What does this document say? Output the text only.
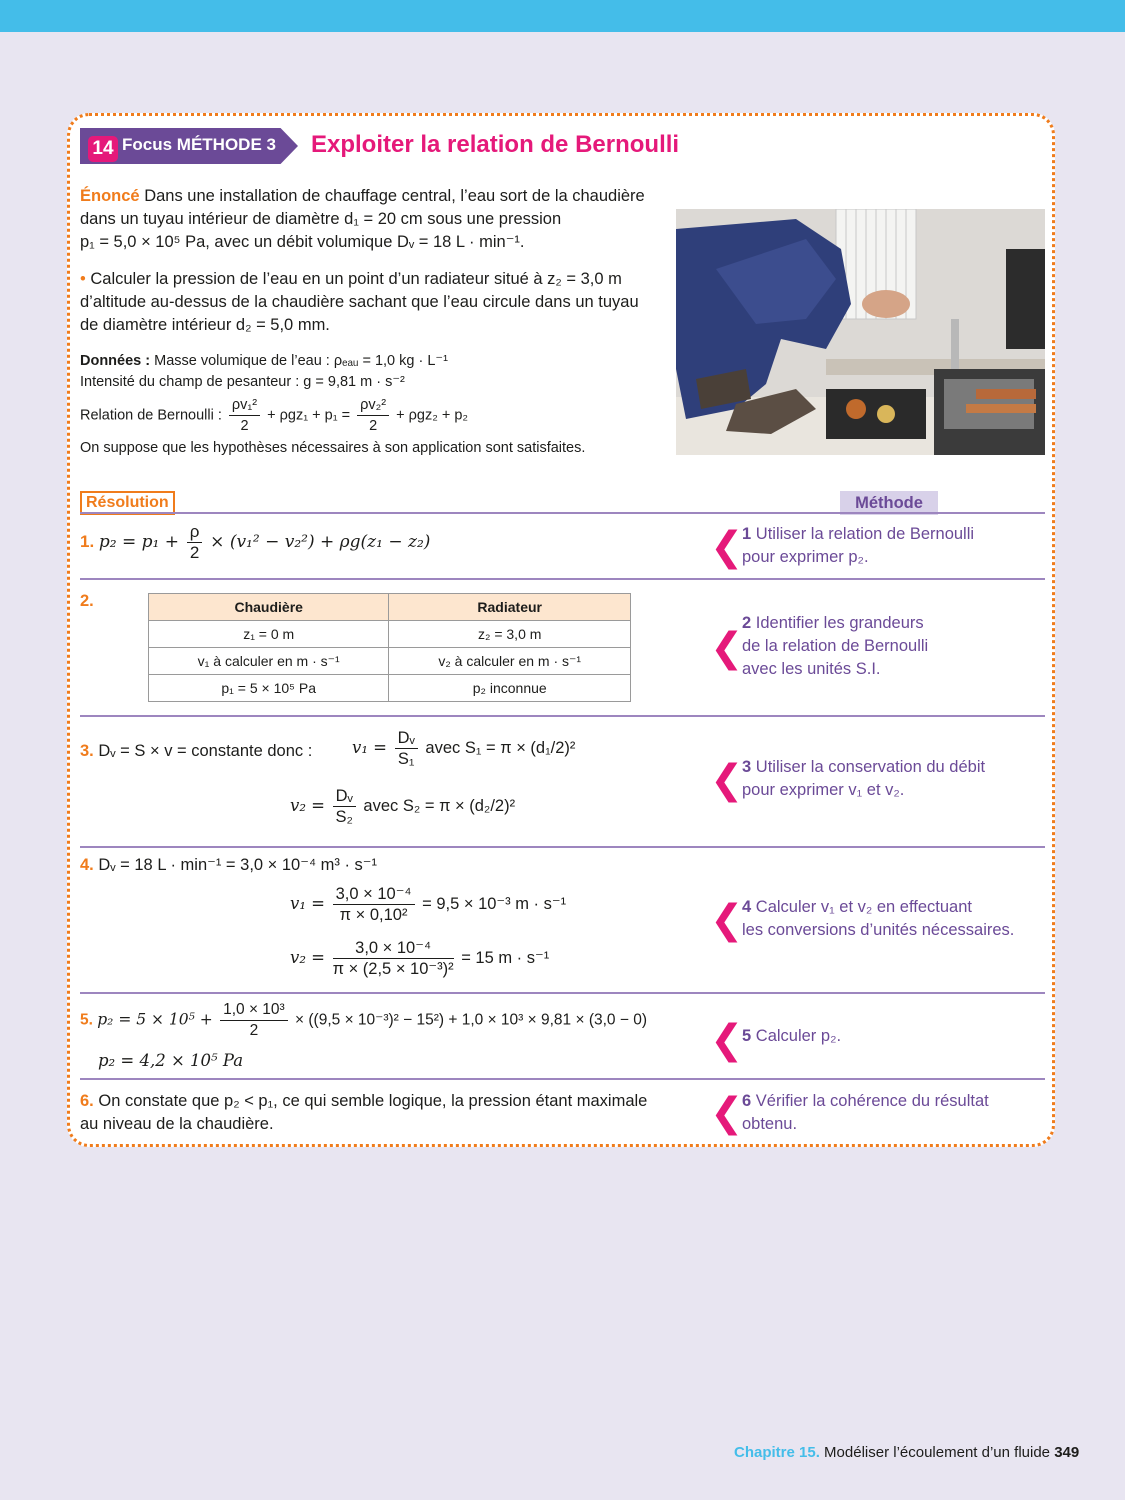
14 Focus MÉTHODE 3 Exploiter la relation de Bernoulli
Énoncé Dans une installation de chauffage central, l’eau sort de la chaudière
dans un tuyau intérieur de diamètre d₁ = 20 cm sous une pression
p₁ = 5,0 × 10⁵ Pa, avec un débit volumique Dᵥ = 18 L · min⁻¹.
• Calculer la pression de l’eau en un point d’un radiateur situé à z₂ = 3,0 m
d’altitude au-dessus de la chaudière sachant que l’eau circule dans un tuyau
de diamètre intérieur d₂ = 5,0 mm.
Données : Masse volumique de l’eau : ρₑₐᵤ = 1,0 kg · L⁻¹
Intensité du champ de pesanteur : g = 9,81 m · s⁻²
Relation de Bernoulli : $\frac{\text{ρv₁²}}{2} + \rho gz_1 + p_1 = \frac{\text{ρv₂²}}{2} + \rho gz_2 + p_2$
On suppose que les hypothèses nécessaires à son application sont satisfaites.
Résolution	Méthode
1. $p_2 = p_1 + \frac{\rho}{2} \times (v_1^2 - v_2^2) + \rho g(z_1 - z_2)$	❮
1 Utiliser la relation de Bernoulli
pour exprimer p₂.
2.	Chaudière	Radiateur
z₁ = 0 m	z₂ = 3,0 m
v₁ à calculer en m · s⁻¹	v₂ à calculer en m · s⁻¹
p₁ = 5 × 10⁵ Pa	p₂ inconnue
❮
2 Identifier les grandeurs
de la relation de Bernoulli
avec les unités S.I.
3. Dᵥ = S × v = constante donc : $v_1 = \frac{\text{Dᵥ}}{\text{S₁}}$ avec S₁ = π × (d₁/2)²
$v_2 = \frac{\text{Dᵥ}}{\text{S₂}}$ avec S₂ = π × (d₂/2)²
❮
3 Utiliser la conservation du débit
pour exprimer v₁ et v₂.
4. Dᵥ = 18 L · min⁻¹ = 3,0 × 10⁻⁴ m³ · s⁻¹
$v_1 = \frac{\text{3,0 × 10⁻⁴}}{\text{π × 0,10²}} = 9,5 \times 10^{-3}$ m · s⁻¹
$v_2 = \frac{\text{3,0 × 10⁻⁴}}{\text{π × (2,5 × 10⁻³)²}} = 15$ m · s⁻¹
❮
4 Calculer v₁ et v₂ en effectuant
les conversions d’unités nécessaires.
5. $p_2 = 5 \times 10^5 + \frac{\text{1,0 × 10³}}{2} \times ((9,5 \times 10^{-3})^2 - 15^2) + 1,0 \times 10^3 \times 9,81 \times (3,0 - 0)$
p₂ = 4,2 × 10⁵ Pa	❮
5 Calculer p₂.
6. On constate que p₂ < p₁, ce qui semble logique, la pression étant maximale
au niveau de la chaudière.	❮
6 Vérifier la cohérence du résultat
obtenu.
Chapitre 15. Modéliser l’écoulement d’un fluide 349
